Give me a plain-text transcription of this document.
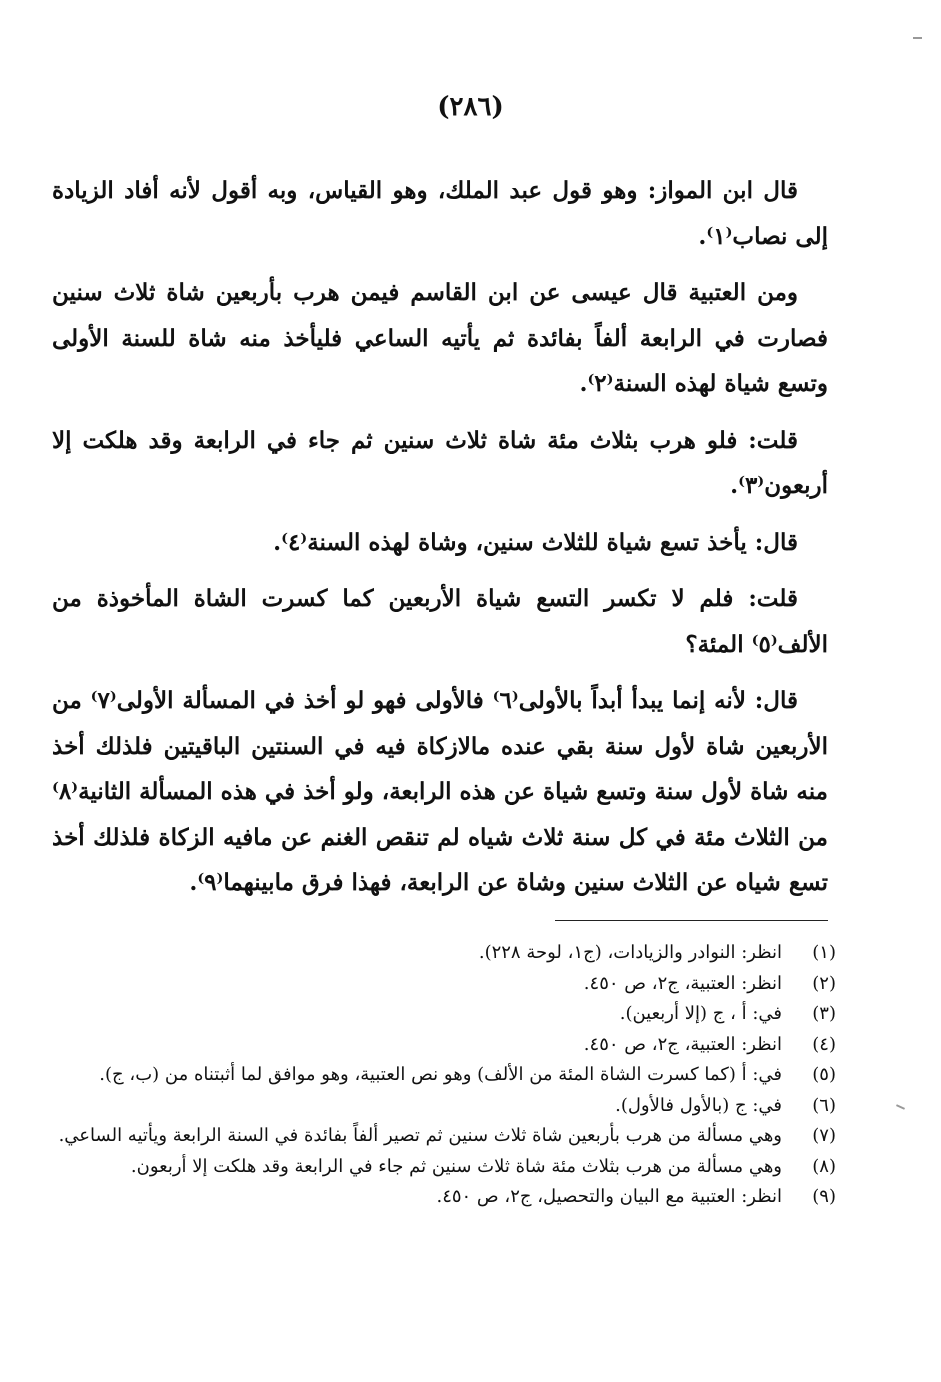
(٢٨٦)

قال ابن المواز: وهو قول عبد الملك، وهو القياس، وبه أقول لأنه أفاد الزيادة إلى نصاب⁽١⁾.

ومن العتبية قال عيسى عن ابن القاسم فيمن هرب بأربعين شاة ثلاث سنين فصارت في الرابعة ألفاً بفائدة ثم يأتيه الساعي فليأخذ منه شاة للسنة الأولى وتسع شياة لهذه السنة⁽٢⁾.

قلت: فلو هرب بثلاث مئة شاة ثلاث سنين ثم جاء في الرابعة وقد هلكت إلا أربعون⁽٣⁾.

قال: يأخذ تسع شياة للثلاث سنين، وشاة لهذه السنة⁽٤⁾.

قلت: فلم لا تكسر التسع شياة الأربعين كما كسرت الشاة المأخوذة من الألف⁽٥⁾ المئة؟

قال: لأنه إنما يبدأ أبداً بالأولى⁽٦⁾ فالأولى فهو لو أخذ في المسألة الأولى⁽٧⁾ من الأربعين شاة لأول سنة بقي عنده مالازكاة فيه في السنتين الباقيتين فلذلك أخذ منه شاة لأول سنة وتسع شياة عن هذه الرابعة، ولو أخذ في هذه المسألة الثانية⁽٨⁾ من الثلاث مئة في كل سنة ثلاث شياه لم تنقص الغنم عن مافيه الزكاة فلذلك أخذ تسع شياه عن الثلاث سنين وشاة عن الرابعة، فهذا فرق مابينهما⁽٩⁾.

(١)
انظر: النوادر والزيادات، (ج١، لوحة ٢٢٨).
(٢)
انظر: العتبية، ج٢، ص ٤٥٠.
(٣)
في: أ ، ج (إلا أربعين).
(٤)
انظر: العتبية، ج٢، ص ٤٥٠.
(٥)
في: أ (كما كسرت الشاة المئة من الألف) وهو نص العتبية، وهو موافق لما أثبتناه من (ب، ج).
(٦)
في: ج (بالأول فالأول).
(٧)
وهي مسألة من هرب بأربعين شاة ثلاث سنين ثم تصير ألفاً بفائدة في السنة الرابعة ويأتيه الساعي.
(٨)
وهي مسألة من هرب بثلاث مئة شاة ثلاث سنين ثم جاء في الرابعة وقد هلكت إلا أربعون.
(٩)
انظر: العتبية مع البيان والتحصيل، ج٢، ص ٤٥٠.
